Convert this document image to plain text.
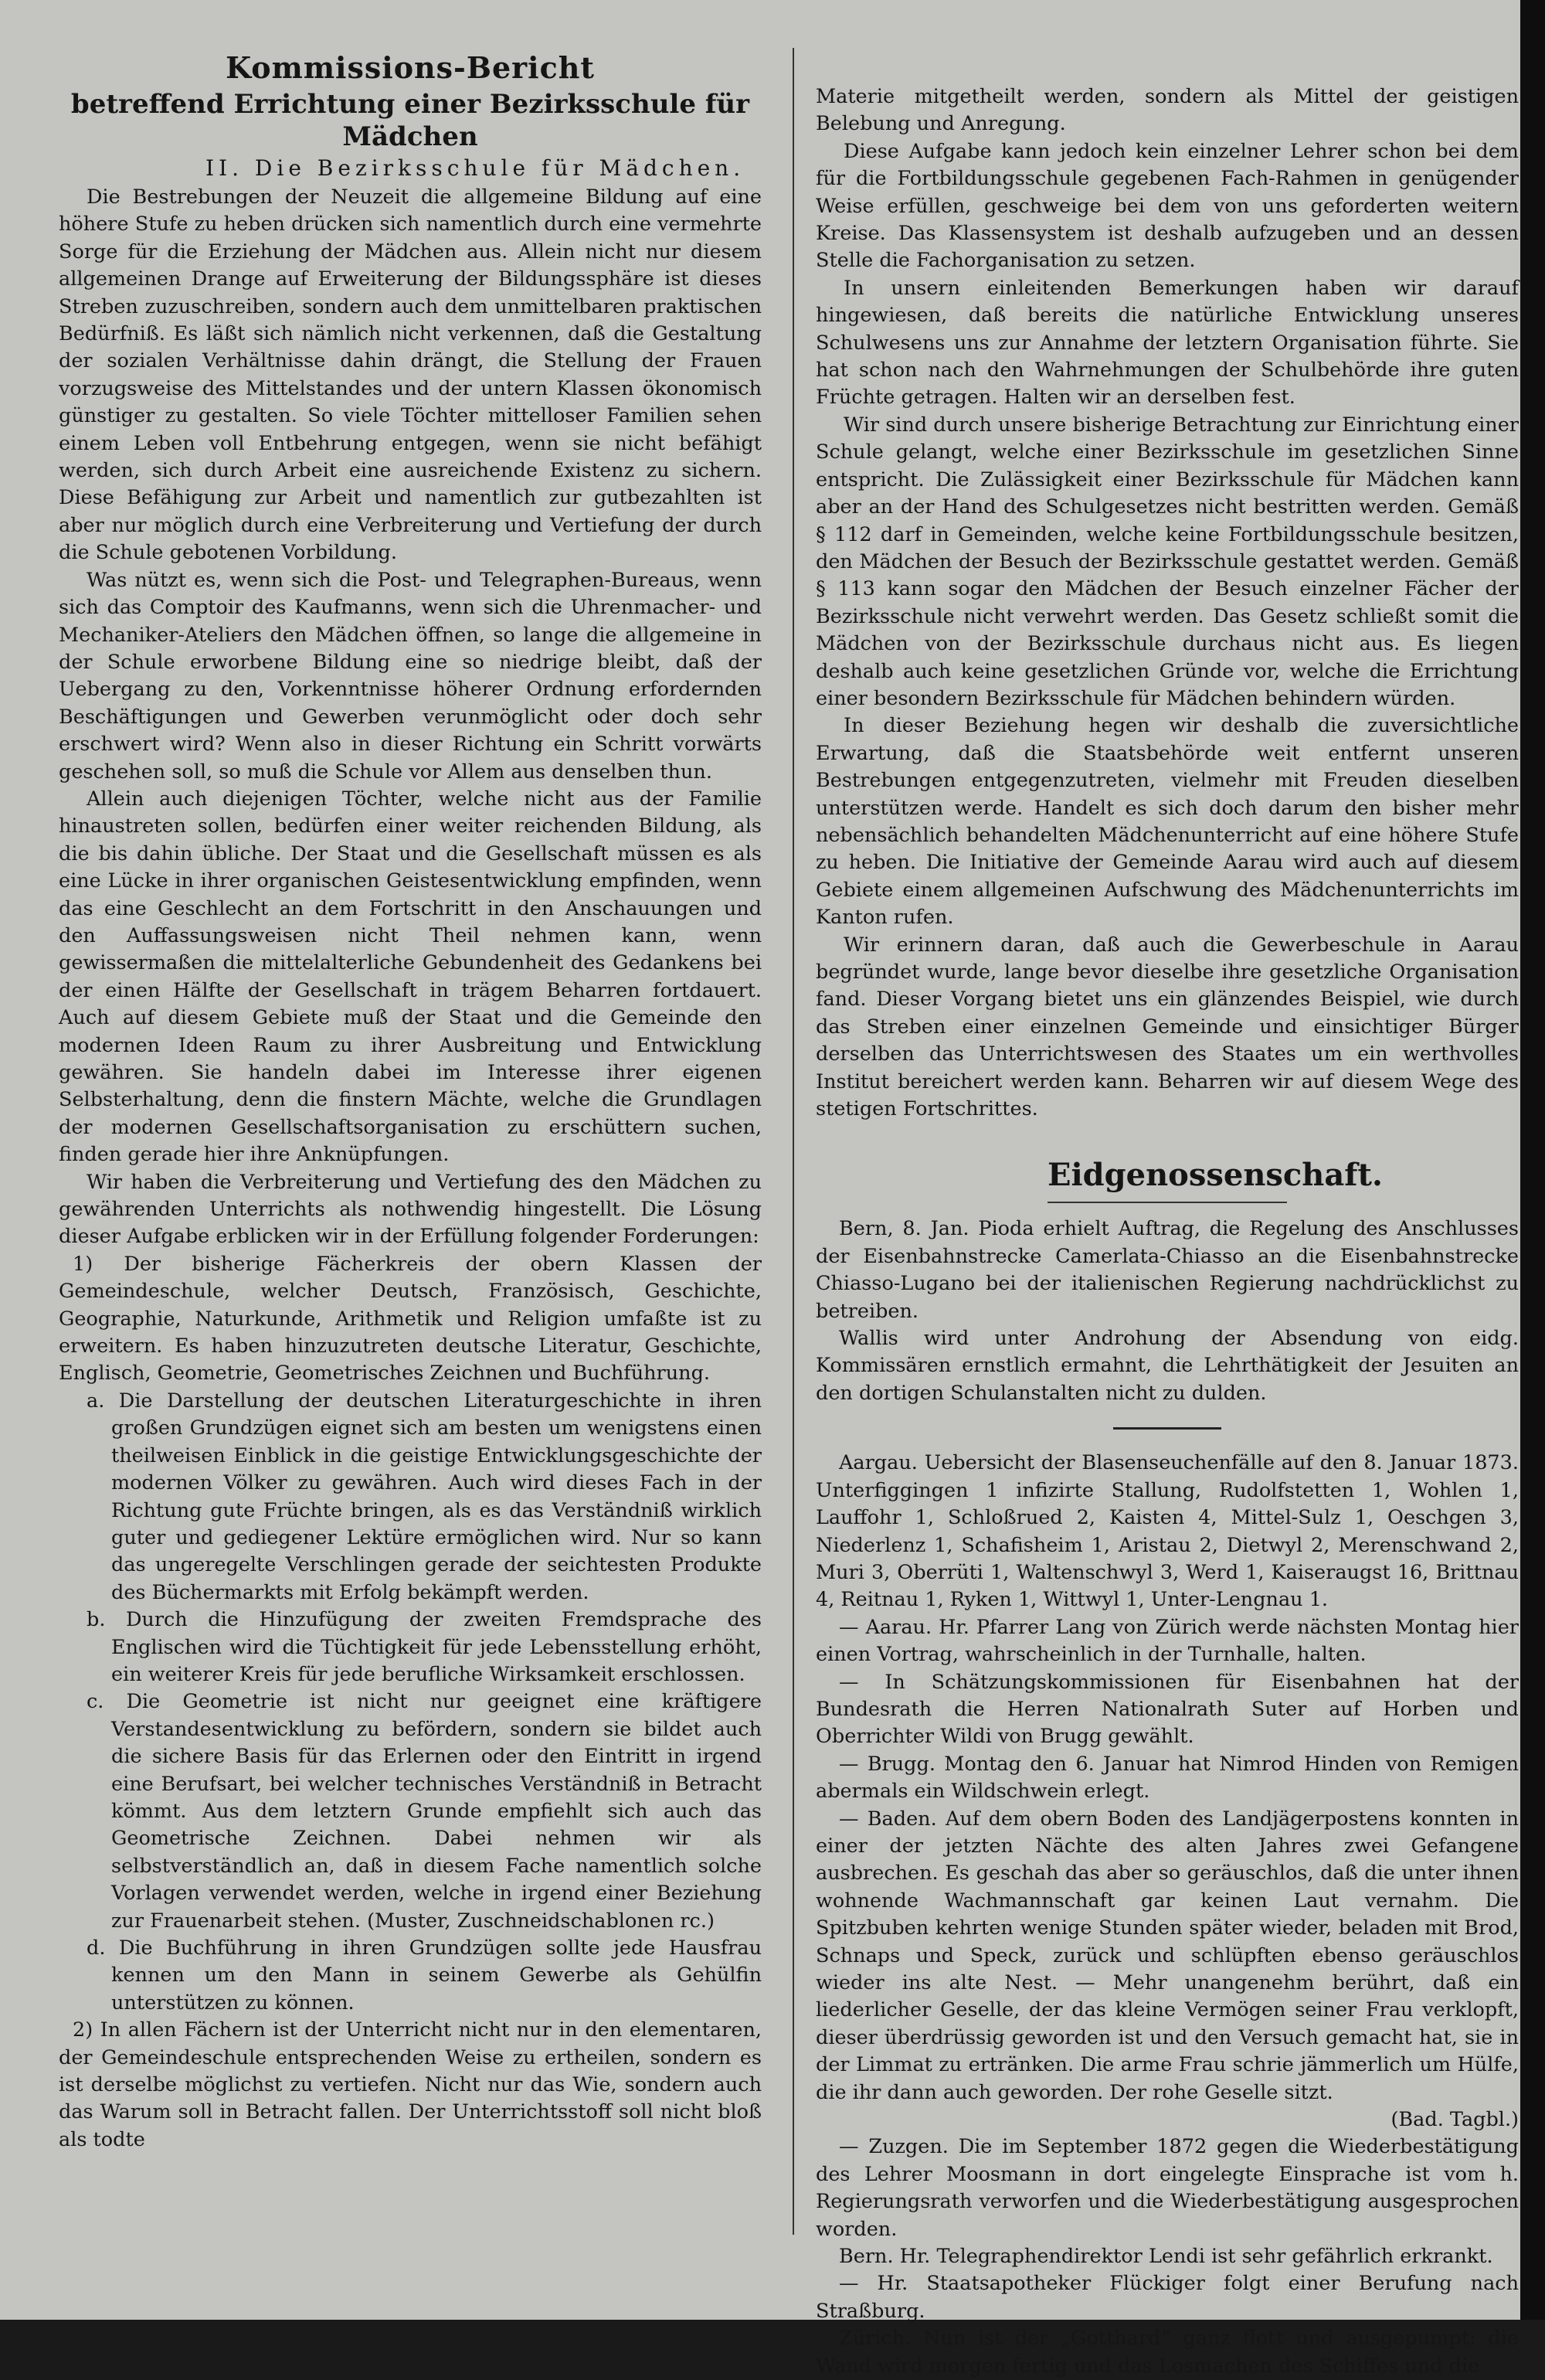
Kommissions-Bericht
betreffend Errichtung einer Bezirksschule für Mädchen
II. Die Bezirksschule für Mädchen.

Die Bestrebungen der Neuzeit die allgemeine Bildung auf eine höhere Stufe zu heben drücken sich namentlich durch eine vermehrte Sorge für die Erziehung der Mädchen aus. Allein nicht nur diesem allgemeinen Drange auf Erweiterung der Bildungssphäre ist dieses Streben zuzuschreiben, sondern auch dem unmittelbaren praktischen Bedürfniß. Es läßt sich nämlich nicht verkennen, daß die Gestaltung der sozialen Verhältnisse dahin drängt, die Stellung der Frauen vorzugsweise des Mittelstandes und der untern Klassen ökonomisch günstiger zu gestalten. So viele Töchter mittelloser Familien sehen einem Leben voll Entbehrung entgegen, wenn sie nicht befähigt werden, sich durch Arbeit eine ausreichende Existenz zu sichern. Diese Befähigung zur Arbeit und namentlich zur gutbezahlten ist aber nur möglich durch eine Verbreiterung und Vertiefung der durch die Schule gebotenen Vorbildung.

Was nützt es, wenn sich die Post- und Telegraphen-Bureaus, wenn sich das Comptoir des Kaufmanns, wenn sich die Uhrenmacher- und Mechaniker-Ateliers den Mädchen öffnen, so lange die allgemeine in der Schule erworbene Bildung eine so niedrige bleibt, daß der Uebergang zu den, Vorkenntnisse höherer Ordnung erfordernden Beschäftigungen und Gewerben verunmöglicht oder doch sehr erschwert wird? Wenn also in dieser Richtung ein Schritt vorwärts geschehen soll, so muß die Schule vor Allem aus denselben thun.

Allein auch diejenigen Töchter, welche nicht aus der Familie hinaustreten sollen, bedürfen einer weiter reichenden Bildung, als die bis dahin übliche. Der Staat und die Gesellschaft müssen es als eine Lücke in ihrer organischen Geistesentwicklung empfinden, wenn das eine Geschlecht an dem Fortschritt in den Anschauungen und den Auffassungsweisen nicht Theil nehmen kann, wenn gewissermaßen die mittelalterliche Gebundenheit des Gedankens bei der einen Hälfte der Gesellschaft in trägem Beharren fortdauert. Auch auf diesem Gebiete muß der Staat und die Gemeinde den modernen Ideen Raum zu ihrer Ausbreitung und Entwicklung gewähren. Sie handeln dabei im Interesse ihrer eigenen Selbsterhaltung, denn die finstern Mächte, welche die Grundlagen der modernen Gesellschaftsorganisation zu erschüttern suchen, finden gerade hier ihre Anknüpfungen.

Wir haben die Verbreiterung und Vertiefung des den Mädchen zu gewährenden Unterrichts als nothwendig hingestellt. Die Lösung dieser Aufgabe erblicken wir in der Erfüllung folgender Forderungen:

1) Der bisherige Fächerkreis der obern Klassen der Gemeindeschule, welcher Deutsch, Französisch, Geschichte, Geographie, Naturkunde, Arithmetik und Religion umfaßte ist zu erweitern. Es haben hinzuzutreten deutsche Literatur, Geschichte, Englisch, Geometrie, Geometrisches Zeichnen und Buchführung.

a. Die Darstellung der deutschen Literaturgeschichte in ihren großen Grundzügen eignet sich am besten um wenigstens einen theilweisen Einblick in die geistige Entwicklungsgeschichte der modernen Völker zu gewähren. Auch wird dieses Fach in der Richtung gute Früchte bringen, als es das Verständniß wirklich guter und gediegener Lektüre ermöglichen wird. Nur so kann das ungeregelte Verschlingen gerade der seichtesten Produkte des Büchermarkts mit Erfolg bekämpft werden.

b. Durch die Hinzufügung der zweiten Fremdsprache des Englischen wird die Tüchtigkeit für jede Lebensstellung erhöht, ein weiterer Kreis für jede berufliche Wirksamkeit erschlossen.

c. Die Geometrie ist nicht nur geeignet eine kräftigere Verstandesentwicklung zu befördern, sondern sie bildet auch die sichere Basis für das Erlernen oder den Eintritt in irgend eine Berufsart, bei welcher technisches Verständniß in Betracht kömmt. Aus dem letztern Grunde empfiehlt sich auch das Geometrische Zeichnen. Dabei nehmen wir als selbstverständlich an, daß in diesem Fache namentlich solche Vorlagen verwendet werden, welche in irgend einer Beziehung zur Frauenarbeit stehen. (Muster, Zuschneidschablonen rc.)

d. Die Buchführung in ihren Grundzügen sollte jede Hausfrau kennen um den Mann in seinem Gewerbe als Gehülfin unterstützen zu können.

2) In allen Fächern ist der Unterricht nicht nur in den elementaren, der Gemeindeschule entsprechenden Weise zu ertheilen, sondern es ist derselbe möglichst zu vertiefen. Nicht nur das Wie, sondern auch das Warum soll in Betracht fallen. Der Unterrichtsstoff soll nicht bloß als todte

Materie mitgetheilt werden, sondern als Mittel der geistigen Belebung und Anregung.

Diese Aufgabe kann jedoch kein einzelner Lehrer schon bei dem für die Fortbildungsschule gegebenen Fach-Rahmen in genügender Weise erfüllen, geschweige bei dem von uns geforderten weitern Kreise. Das Klassensystem ist deshalb aufzugeben und an dessen Stelle die Fachorganisation zu setzen.

In unsern einleitenden Bemerkungen haben wir darauf hingewiesen, daß bereits die natürliche Entwicklung unseres Schulwesens uns zur Annahme der letztern Organisation führte. Sie hat schon nach den Wahrnehmungen der Schulbehörde ihre guten Früchte getragen. Halten wir an derselben fest.

Wir sind durch unsere bisherige Betrachtung zur Einrichtung einer Schule gelangt, welche einer Bezirksschule im gesetzlichen Sinne entspricht. Die Zulässigkeit einer Bezirksschule für Mädchen kann aber an der Hand des Schulgesetzes nicht bestritten werden. Gemäß § 112 darf in Gemeinden, welche keine Fortbildungsschule besitzen, den Mädchen der Besuch der Bezirksschule gestattet werden. Gemäß § 113 kann sogar den Mädchen der Besuch einzelner Fächer der Bezirksschule nicht verwehrt werden. Das Gesetz schließt somit die Mädchen von der Bezirksschule durchaus nicht aus. Es liegen deshalb auch keine gesetzlichen Gründe vor, welche die Errichtung einer besondern Bezirksschule für Mädchen behindern würden.

In dieser Beziehung hegen wir deshalb die zuversichtliche Erwartung, daß die Staatsbehörde weit entfernt unseren Bestrebungen entgegenzutreten, vielmehr mit Freuden dieselben unterstützen werde. Handelt es sich doch darum den bisher mehr nebensächlich behandelten Mädchenunterricht auf eine höhere Stufe zu heben. Die Initiative der Gemeinde Aarau wird auch auf diesem Gebiete einem allgemeinen Aufschwung des Mädchenunterrichts im Kanton rufen.

Wir erinnern daran, daß auch die Gewerbeschule in Aarau begründet wurde, lange bevor dieselbe ihre gesetzliche Organisation fand. Dieser Vorgang bietet uns ein glänzendes Beispiel, wie durch das Streben einer einzelnen Gemeinde und einsichtiger Bürger derselben das Unterrichtswesen des Staates um ein werthvolles Institut bereichert werden kann. Beharren wir auf diesem Wege des stetigen Fortschrittes.

Eidgenossenschaft.

Bern, 8. Jan. Pioda erhielt Auftrag, die Regelung des Anschlusses der Eisenbahnstrecke Camerlata-Chiasso an die Eisenbahnstrecke Chiasso-Lugano bei der italienischen Regierung nachdrücklichst zu betreiben.

Wallis wird unter Androhung der Absendung von eidg. Kommissären ernstlich ermahnt, die Lehrthätigkeit der Jesuiten an den dortigen Schulanstalten nicht zu dulden.

Aargau. Uebersicht der Blasenseuchenfälle auf den 8. Januar 1873. Unterfiggingen 1 infizirte Stallung, Rudolfstetten 1, Wohlen 1, Lauffohr 1, Schloßrued 2, Kaisten 4, Mittel-Sulz 1, Oeschgen 3, Niederlenz 1, Schafisheim 1, Aristau 2, Dietwyl 2, Merenschwand 2, Muri 3, Oberrüti 1, Waltenschwyl 3, Werd 1, Kaiseraugst 16, Brittnau 4, Reitnau 1, Ryken 1, Wittwyl 1, Unter-Lengnau 1.

— Aarau. Hr. Pfarrer Lang von Zürich werde nächsten Montag hier einen Vortrag, wahrscheinlich in der Turnhalle, halten.

— In Schätzungskommissionen für Eisenbahnen hat der Bundesrath die Herren Nationalrath Suter auf Horben und Oberrichter Wildi von Brugg gewählt.

— Brugg. Montag den 6. Januar hat Nimrod Hinden von Remigen abermals ein Wildschwein erlegt.

— Baden. Auf dem obern Boden des Landjägerpostens konnten in einer der jetzten Nächte des alten Jahres zwei Gefangene ausbrechen. Es geschah das aber so geräuschlos, daß die unter ihnen wohnende Wachmannschaft gar keinen Laut vernahm. Die Spitzbuben kehrten wenige Stunden später wieder, beladen mit Brod, Schnaps und Speck, zurück und schlüpften ebenso geräuschlos wieder ins alte Nest. — Mehr unangenehm berührt, daß ein liederlicher Geselle, der das kleine Vermögen seiner Frau verklopft, dieser überdrüssig geworden ist und den Versuch gemacht hat, sie in der Limmat zu ertränken. Die arme Frau schrie jämmerlich um Hülfe, die ihr dann auch geworden. Der rohe Geselle sitzt.

(Bad. Tagbl.)

— Zuzgen. Die im September 1872 gegen die Wiederbestätigung des Lehrer Moosmann in dort eingelegte Einsprache ist vom h. Regierungsrath verworfen und die Wiederbestätigung ausgesprochen worden.

Bern. Hr. Telegraphendirektor Lendi ist sehr gefährlich erkrankt.

— Hr. Staatsapotheker Flückiger folgt einer Berufung nach Straßburg.

Zürich. Nun ist der „Gotthard“ ganz flott und ausgepumpt: die Wand wird morgen fertig und das Losmachen des Schiffes und die
